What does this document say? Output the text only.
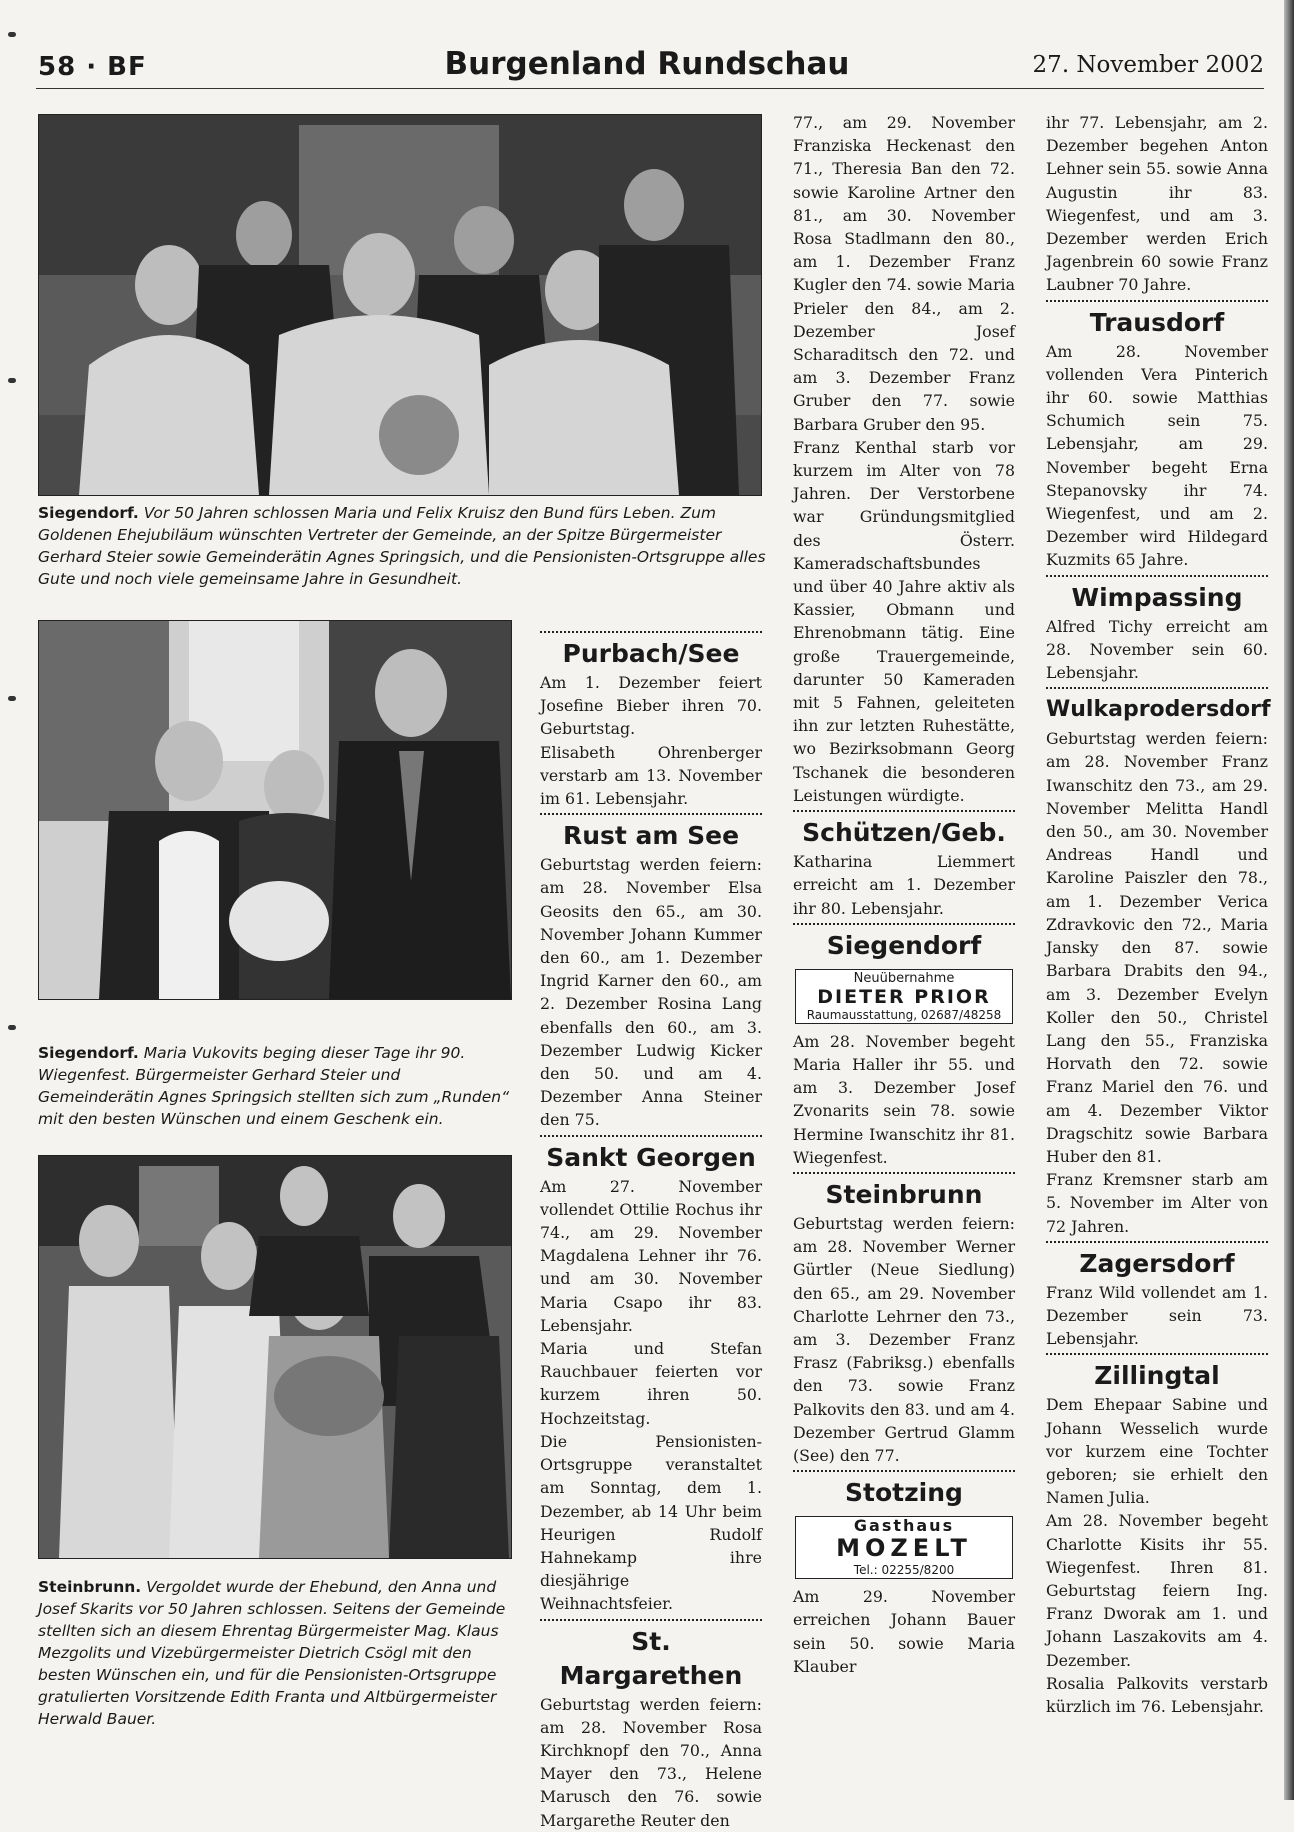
58 · BF	Burgenland Rundschau	27. November 2002
Siegendorf. Vor 50 Jahren schlossen Maria und Felix Kruisz den Bund fürs Leben. Zum Goldenen Ehejubiläum wünschten Vertreter der Gemeinde, an der Spitze Bürgermeister Gerhard Steier sowie Gemeinderätin Agnes Springsich, und die Pensionisten-Ortsgruppe alles Gute und noch viele gemeinsame Jahre in Gesundheit.
Siegendorf. Maria Vukovits beging dieser Tage ihr 90. Wiegenfest. Bürgermeister Gerhard Steier und Gemeinderätin Agnes Springsich stellten sich zum „Runden“ mit den besten Wünschen und einem Geschenk ein.
Steinbrunn. Vergoldet wurde der Ehebund, den Anna und Josef Skarits vor 50 Jahren schlossen. Seitens der Gemeinde stellten sich an diesem Ehrentag Bürgermeister Mag. Klaus Mezgolits und Vizebürgermeister Dietrich Csögl mit den besten Wünschen ein, und für die Pensionisten-Ortsgruppe gratulierten Vorsitzende Edith Franta und Altbürgermeister Herwald Bauer.
Purbach/See

Am 1. Dezember feiert Josefine Bieber ihren 70. Geburtstag.

Elisabeth Ohrenberger verstarb am 13. November im 61. Lebensjahr.

Rust am See

Geburtstag werden feiern: am 28. November Elsa Geosits den 65., am 30. November Johann Kummer den 60., am 1. Dezember Ingrid Karner den 60., am 2. Dezember Rosina Lang ebenfalls den 60., am 3. Dezember Ludwig Kicker den 50. und am 4. Dezember Anna Steiner den 75.

Sankt Georgen

Am 27. November vollendet Ottilie Rochus ihr 74., am 29. November Magdalena Lehner ihr 76. und am 30. November Maria Csapo ihr 83. Lebensjahr.

Maria und Stefan Rauchbauer feierten vor kurzem ihren 50. Hochzeitstag.

Die Pensionisten-Ortsgruppe veranstaltet am Sonntag, dem 1. Dezember, ab 14 Uhr beim Heurigen Rudolf Hahnekamp ihre diesjährige Weihnachtsfeier.

St. Margarethen

Geburtstag werden feiern: am 28. November Rosa Kirchknopf den 70., Anna Mayer den 73., Helene Marusch den 76. sowie Margarethe Reuter den

77., am 29. November Franziska Heckenast den 71., Theresia Ban den 72. sowie Karoline Artner den 81., am 30. November Rosa Stadlmann den 80., am 1. Dezember Franz Kugler den 74. sowie Maria Prieler den 84., am 2. Dezember Josef Scharaditsch den 72. und am 3. Dezember Franz Gruber den 77. sowie Barbara Gruber den 95.

Franz Kenthal starb vor kurzem im Alter von 78 Jahren. Der Verstorbene war Gründungsmitglied des Österr. Kameradschaftsbundes und über 40 Jahre aktiv als Kassier, Obmann und Ehrenobmann tätig. Eine große Trauergemeinde, darunter 50 Kameraden mit 5 Fahnen, geleiteten ihn zur letzten Ruhestätte, wo Bezirksobmann Georg Tschanek die besonderen Leistungen würdigte.

Schützen/Geb.

Katharina Liemmert erreicht am 1. Dezember ihr 80. Lebensjahr.

Siegendorf
Neuübernahme
DIETER PRIOR
Raumausstattung, 02687/48258

Am 28. November begeht Maria Haller ihr 55. und am 3. Dezember Josef Zvonarits sein 78. sowie Hermine Iwanschitz ihr 81. Wiegenfest.

Steinbrunn

Geburtstag werden feiern: am 28. November Werner Gürtler (Neue Siedlung) den 65., am 29. November Charlotte Lehrner den 73., am 3. Dezember Franz Frasz (Fabriksg.) ebenfalls den 73. sowie Franz Palkovits den 83. und am 4. Dezember Gertrud Glamm (See) den 77.

Stotzing
Gasthaus
MOZELT
Tel.: 02255/8200

Am 29. November erreichen Johann Bauer sein 50. sowie Maria Klauber

ihr 77. Lebensjahr, am 2. Dezember begehen Anton Lehner sein 55. sowie Anna Augustin ihr 83. Wiegenfest, und am 3. Dezember werden Erich Jagenbrein 60 sowie Franz Laubner 70 Jahre.

Trausdorf

Am 28. November vollenden Vera Pinterich ihr 60. sowie Matthias Schumich sein 75. Lebensjahr, am 29. November begeht Erna Stepanovsky ihr 74. Wiegenfest, und am 2. Dezember wird Hildegard Kuzmits 65 Jahre.

Wimpassing

Alfred Tichy erreicht am 28. November sein 60. Lebensjahr.

Wulkaprodersdorf

Geburtstag werden feiern: am 28. November Franz Iwanschitz den 73., am 29. November Melitta Handl den 50., am 30. November Andreas Handl und Karoline Paiszler den 78., am 1. Dezember Verica Zdravkovic den 72., Maria Jansky den 87. sowie Barbara Drabits den 94., am 3. Dezember Evelyn Koller den 50., Christel Lang den 55., Franziska Horvath den 72. sowie Franz Mariel den 76. und am 4. Dezember Viktor Dragschitz sowie Barbara Huber den 81.

Franz Kremsner starb am 5. November im Alter von 72 Jahren.

Zagersdorf

Franz Wild vollendet am 1. Dezember sein 73. Lebensjahr.

Zillingtal

Dem Ehepaar Sabine und Johann Wesselich wurde vor kurzem eine Tochter geboren; sie erhielt den Namen Julia.

Am 28. November begeht Charlotte Kisits ihr 55. Wiegenfest. Ihren 81. Geburtstag feiern Ing. Franz Dworak am 1. und Johann Laszakovits am 4. Dezember.

Rosalia Palkovits verstarb kürzlich im 76. Lebensjahr.
